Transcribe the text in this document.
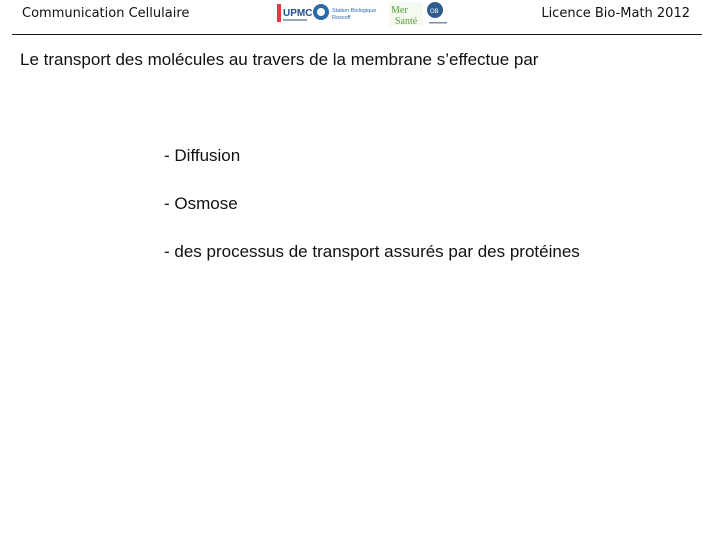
Communication Cellulaire	UPMC	Station Biologique
Roscoff
Mer
Santé
OB	Licence Bio-Math 2012
Le transport des molécules au travers de la membrane s’effectue par
- Diffusion
- Osmose
- des processus de transport assurés par des protéines
